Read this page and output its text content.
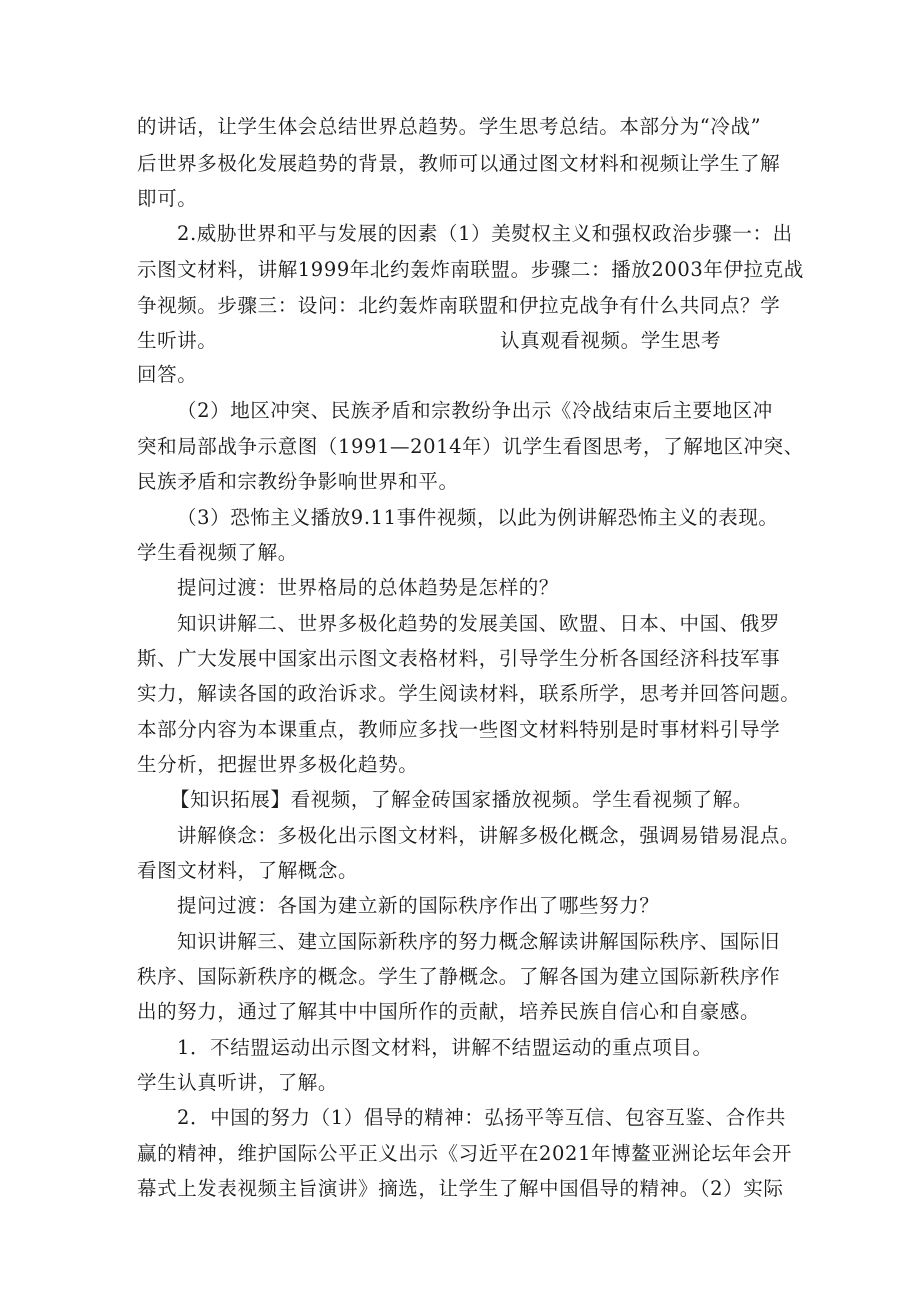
的讲话，让学生体会总结世界总趋势。学生思考总结。本部分为“冷战”
后世界多极化发展趋势的背景，教师可以通过图文材料和视频让学生了解
即可。
2.威胁世界和平与发展的因素（1）美熨权主义和强权政治步骤一：出
示图文材料，讲解1999年北约轰炸南联盟。步骤二：播放2003年伊拉克战
争视频。步骤三：设问：北约轰炸南联盟和伊拉克战争有什么共同点？学
生听讲。	认真观看视频。学生思考
回答。
（2）地区冲突、民族矛盾和宗教纷争出示《冷战结束后主要地区冲
突和局部战争示意图（1991—2014年）讥学生看图思考，了解地区冲突、
民族矛盾和宗教纷争影响世界和平。
（3）恐怖主义播放9.11事件视频，以此为例讲解恐怖主义的表现。
学生看视频了解。
提问过渡：世界格局的总体趋势是怎样的？
知识讲解二、世界多极化趋势的发展美国、欧盟、日本、中国、俄罗
斯、广大发展中国家出示图文表格材料，引导学生分析各国经济科技军事
实力，解读各国的政治诉求。学生阅读材料，联系所学，思考并回答问题。
本部分内容为本课重点，教师应多找一些图文材料特别是时事材料引导学
生分析，把握世界多极化趋势。
【知识拓展】看视频，了解金砖国家播放视频。学生看视频了解。
讲解倏念：多极化出示图文材料，讲解多极化概念，强调易错易混点。
看图文材料，了解概念。
提问过渡：各国为建立新的国际秩序作出了哪些努力？
知识讲解三、建立国际新秩序的努力概念解读讲解国际秩序、国际旧
秩序、国际新秩序的概念。学生了静概念。了解各国为建立国际新秩序作
出的努力，通过了解其中中国所作的贡献，培养民族自信心和自豪感。
1．不结盟运动出示图文材料，讲解不结盟运动的重点项目。
学生认真听讲，了解。
2．中国的努力（1）倡导的精神：弘扬平等互信、包容互鉴、合作共
赢的精神，维护国际公平正义出示《习近平在2021年博鳌亚洲论坛年会开
幕式上发表视频主旨演讲》摘选，让学生了解中国倡导的精神。（2）实际
